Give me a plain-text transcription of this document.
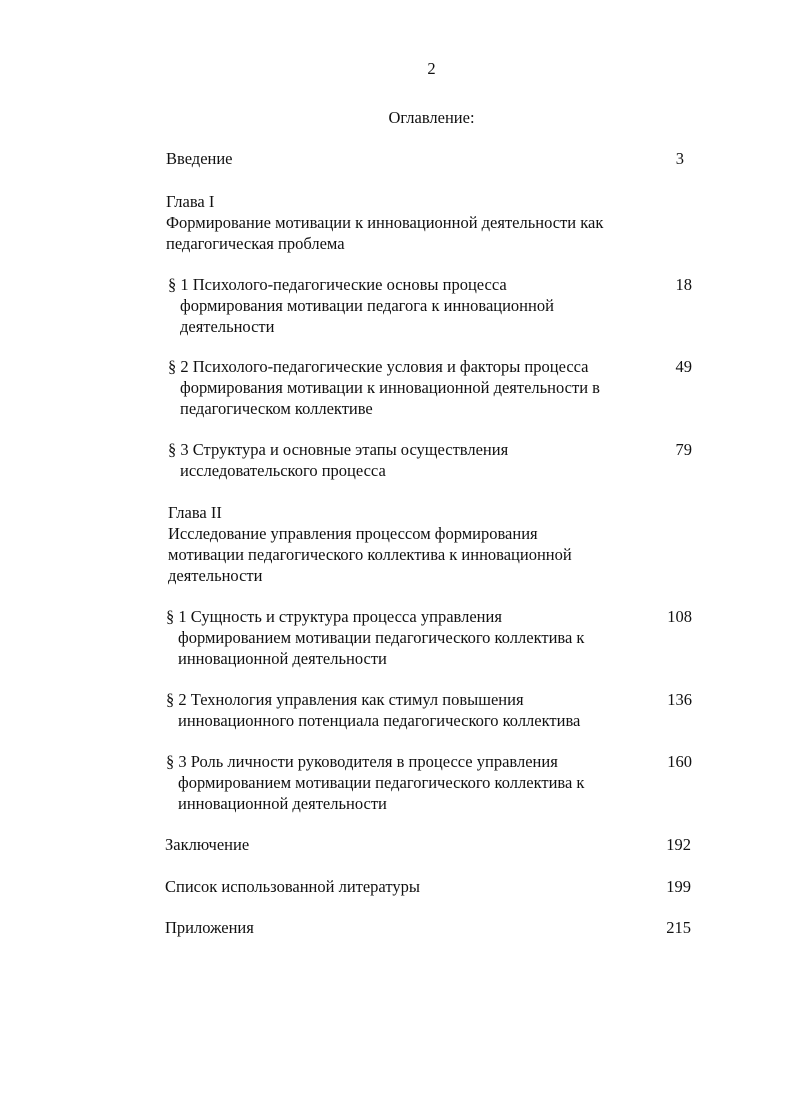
2
Оглавление:
Введение	3
Глава I
Формирование мотивации к инновационной деятельности как
педагогическая проблема
§ 1 Психолого-педагогические основы процесса
формирования мотивации педагога к инновационной
деятельности
18
§ 2 Психолого-педагогические условия и факторы процесса
формирования мотивации к инновационной деятельности в
педагогическом коллективе
49
§ 3 Структура и основные этапы осуществления
исследовательского процесса
79
Глава II
Исследование управления процессом формирования
мотивации педагогического коллектива к инновационной
деятельности
§ 1 Сущность и структура процесса управления
формированием мотивации педагогического коллектива к
инновационной деятельности
108
§ 2 Технология управления как стимул повышения
инновационного потенциала педагогического коллектива
136
§ 3 Роль личности руководителя в процессе управления
формированием мотивации педагогического коллектива к
инновационной деятельности
160
Заключение	192
Список использованной литературы	199
Приложения	215
